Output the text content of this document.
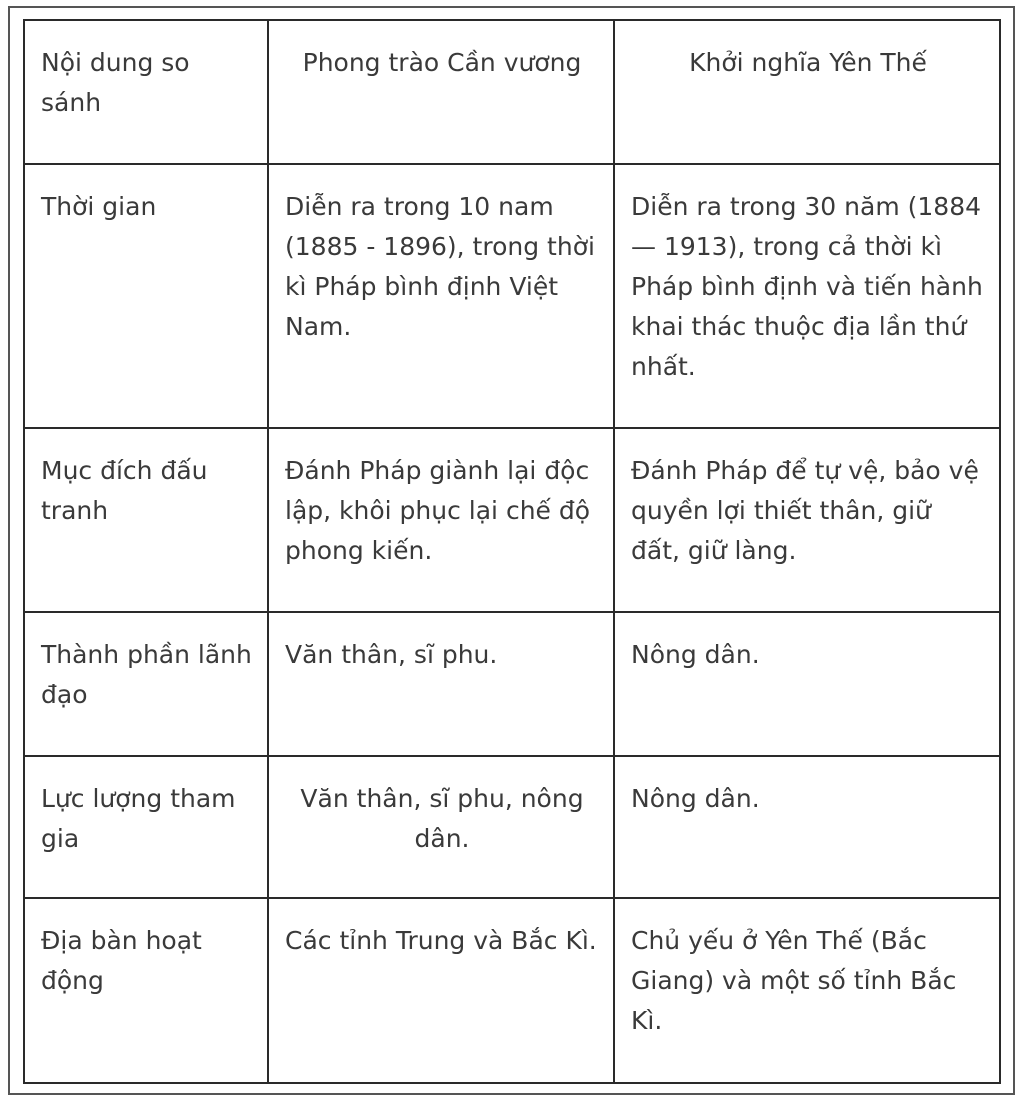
Nội dung so sánh	Phong trào Cần vương	Khởi nghĩa Yên Thế
Thời gian	Diễn ra trong 10 nam (1885 - 1896), trong thời kì Pháp bình định Việt Nam.	Diễn ra trong 30 năm (1884 — 1913), trong cả thời kì Pháp bình định và tiến hành khai thác thuộc địa lần thứ nhất.
Mục đích đấu tranh	Đánh Pháp giành lại độc lập, khôi phục lại chế độ phong kiến.	Đánh Pháp để tự vệ, bảo vệ quyền lợi thiết thân, giữ đất, giữ làng.
Thành phần lãnh đạo	Văn thân, sĩ phu.	Nông dân.
Lực lượng tham gia	Văn thân, sĩ phu, nông dân.	Nông dân.
Địa bàn hoạt động	Các tỉnh Trung và Bắc Kì.	Chủ yếu ở Yên Thế (Bắc Giang) và một số tỉnh Bắc Kì.
